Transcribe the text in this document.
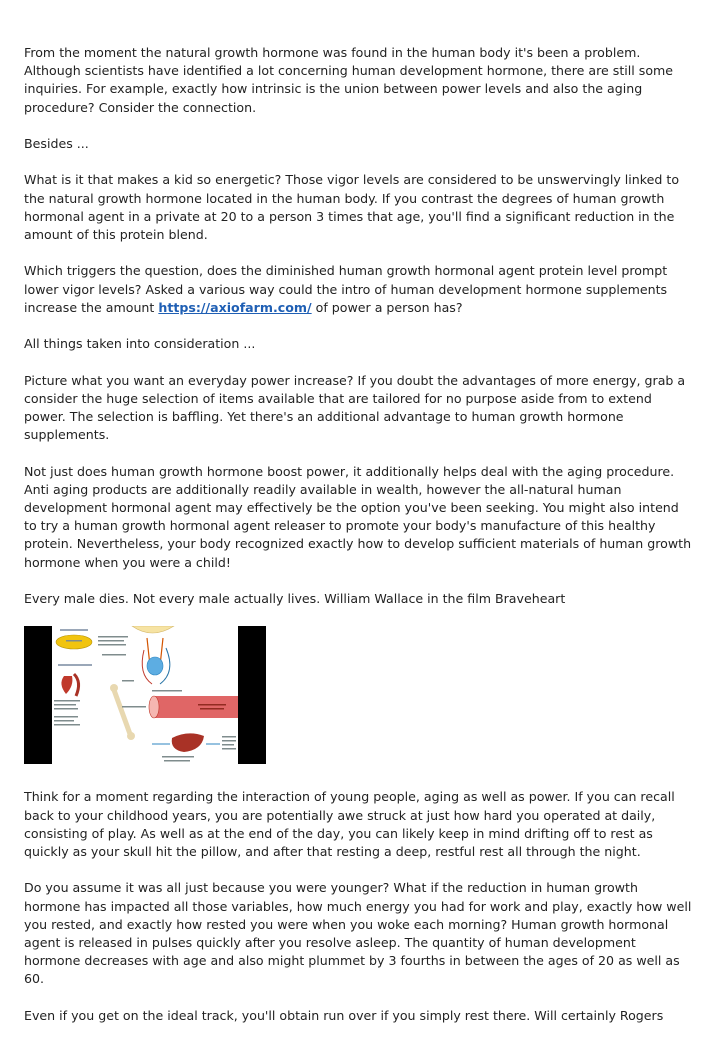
From the moment the natural growth hormone was found in the human body it's been a problem. Although scientists have identified a lot concerning human development hormone, there are still some inquiries. For example, exactly how intrinsic is the union between power levels and also the aging procedure? Consider the connection.

Besides ...

What is it that makes a kid so energetic? Those vigor levels are considered to be unswervingly linked to the natural growth hormone located in the human body. If you contrast the degrees of human growth hormonal agent in a private at 20 to a person 3 times that age, you'll find a significant reduction in the amount of this protein blend.

Which triggers the question, does the diminished human growth hormonal agent protein level prompt lower vigor levels? Asked a various way could the intro of human development hormone supplements increase the amount https://axiofarm.com/ of power a person has?

All things taken into consideration ...

Picture what you want an everyday power increase? If you doubt the advantages of more energy, grab a consider the huge selection of items available that are tailored for no purpose aside from to extend power. The selection is baffling. Yet there's an additional advantage to human growth hormone supplements.

Not just does human growth hormone boost power, it additionally helps deal with the aging procedure. Anti aging products are additionally readily available in wealth, however the all-natural human development hormonal agent may effectively be the option you've been seeking. You might also intend to try a human growth hormonal agent releaser to promote your body's manufacture of this healthy protein. Nevertheless, your body recognized exactly how to develop sufficient materials of human growth hormone when you were a child!

Every male dies. Not every male actually lives. William Wallace in the film Braveheart

Think for a moment regarding the interaction of young people, aging as well as power. If you can recall back to your childhood years, you are potentially awe struck at just how hard you operated at daily, consisting of play. As well as at the end of the day, you can likely keep in mind drifting off to rest as quickly as your skull hit the pillow, and after that resting a deep, restful rest all through the night.

Do you assume it was all just because you were younger? What if the reduction in human growth hormone has impacted all those variables, how much energy you had for work and play, exactly how well you rested, and exactly how rested you were when you woke each morning? Human growth hormonal agent is released in pulses quickly after you resolve asleep. The quantity of human development hormone decreases with age and also might plummet by 3 fourths in between the ages of 20 as well as 60.

Even if you get on the ideal track, you'll obtain run over if you simply rest there. Will certainly Rogers
